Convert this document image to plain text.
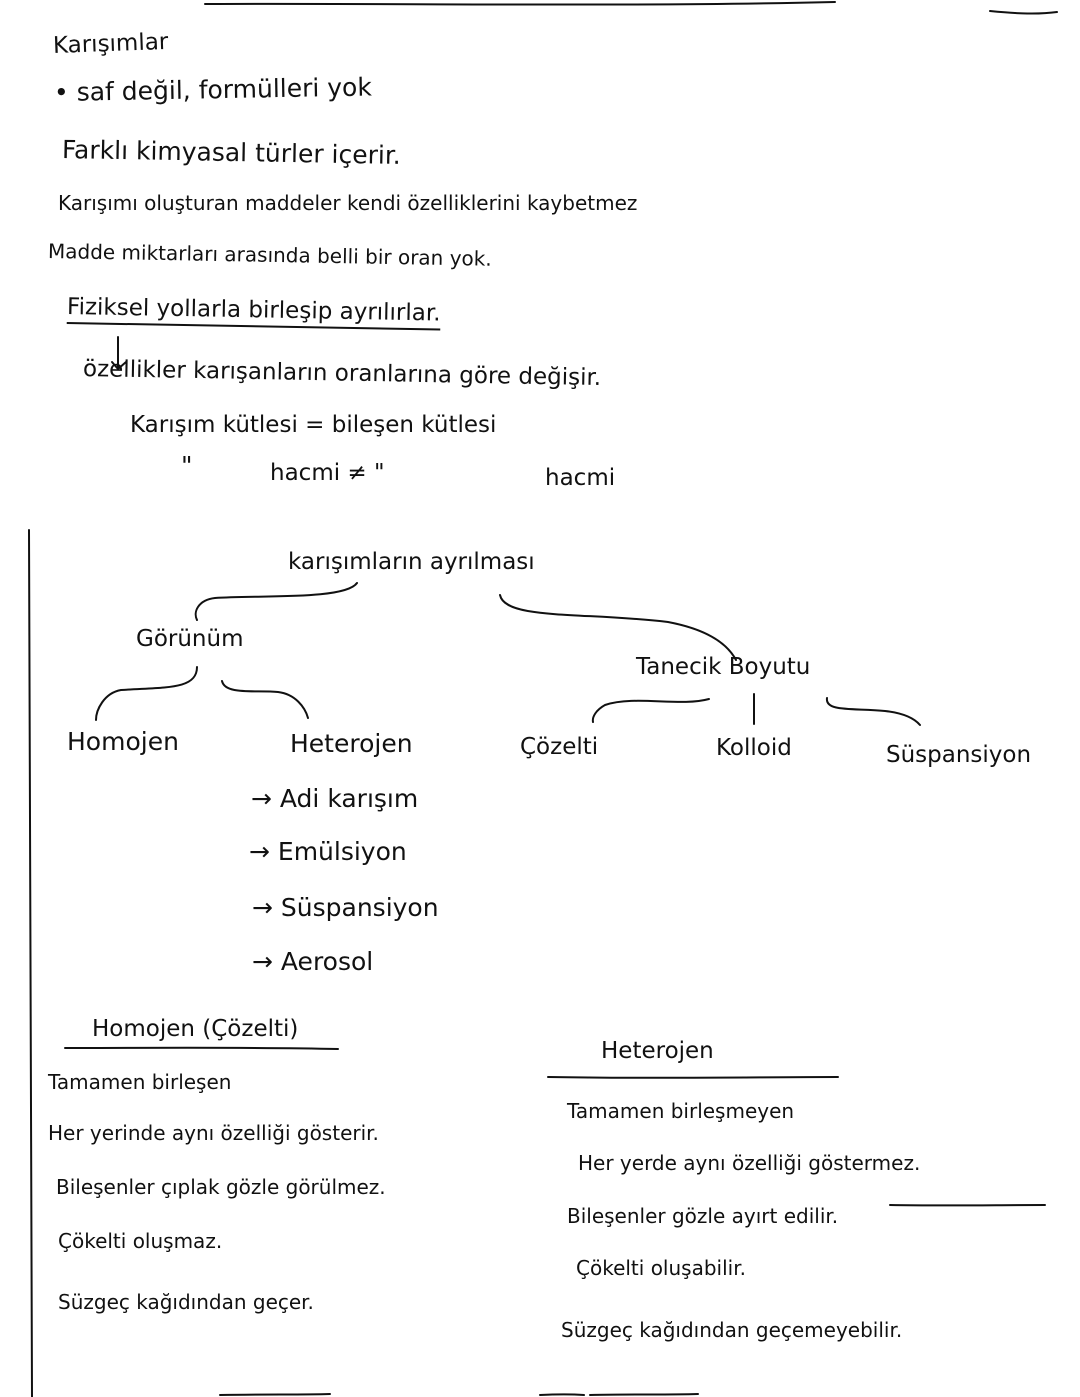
Karışımlar
• saf değil, formülleri yok
Farklı kimyasal türler içerir.
Karışımı oluşturan maddeler kendi özelliklerini kaybetmez
Madde miktarları arasında belli bir oran yok.
Fiziksel yollarla birleşip ayrılırlar.
özellikler karışanların oranlarına göre değişir.
Karışım kütlesi = bileşen kütlesi
"	hacmi ≠ "	hacmi
karışımların ayrılması
Görünüm
Tanecik Boyutu
Homojen	Heterojen	Çözelti	Kolloid	Süspansiyon
→ Adi karışım
→ Emülsiyon
→ Süspansiyon
→ Aerosol
Homojen (Çözelti)
Tamamen birleşen
Her yerinde aynı özelliği gösterir.
Bileşenler çıplak gözle görülmez.
Çökelti oluşmaz.
Süzgeç kağıdından geçer.
Heterojen
Tamamen birleşmeyen
Her yerde aynı özelliği göstermez.
Bileşenler gözle ayırt edilir.
Çökelti oluşabilir.
Süzgeç kağıdından geçemeyebilir.
